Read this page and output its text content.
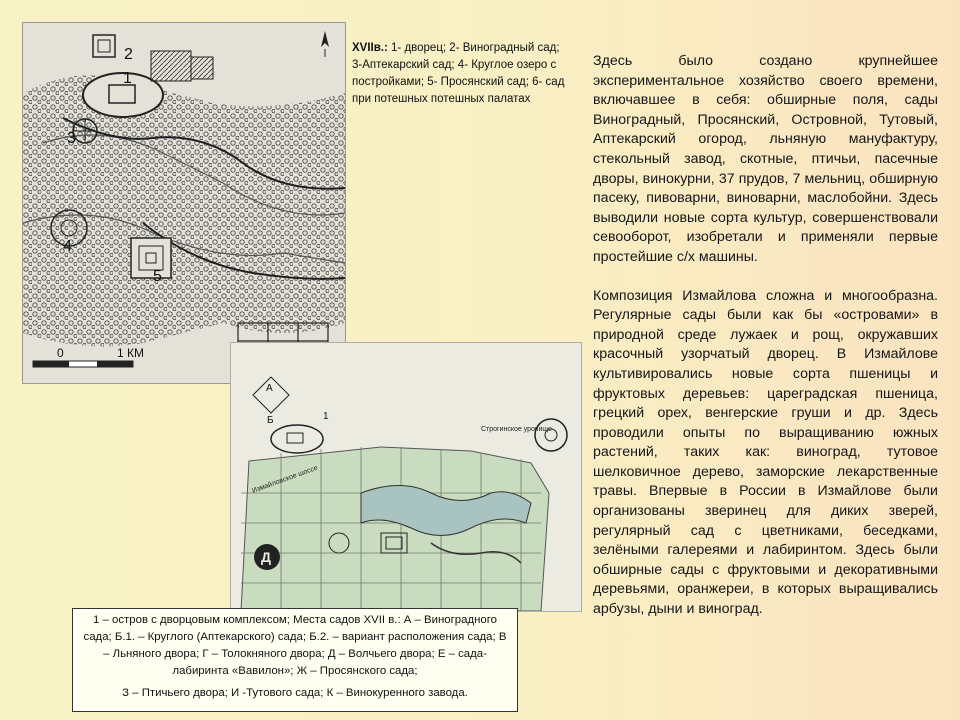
1
2
3
4
5
0	1 КМ
XVIIв.: 1- дворец; 2- Виноградный сад; 3-Аптекарский сад; 4- Круглое озеро с постройками; 5- Просянский сад; 6- сад при потешных потешных палатах
А
Б
Д
1
Измайловское шоссе
Строгинское урочище

Здесь было создано крупнейшее экспериментальное хозяйство своего времени, включавшее в себя: обширные поля, сады Виноградный, Просянский, Островной, Тутовый, Аптекарский огород, льняную мануфактуру, стекольный завод, скотные, птичьи, пасечные дворы, винокурни, 37 прудов, 7 мельниц, обширную пасеку, пивоварни, виноварни, маслобойни. Здесь выводили новые сорта культур, совершенствовали севооборот, изобретали и применяли первые простейшие с/х машины.

Композиция Измайлова сложна и многообразна. Регулярные сады были как бы «островами» в природной среде лужаек и рощ, окружавших красочный узорчатый дворец. В Измайлове культивировались новые сорта пшеницы и фруктовых деревьев: царегpадская пшеница, грецкий орех, венгерские груши и др. Здесь проводили опыты по выращиванию южных растений, таких как: виноград, тутовое шелковичное дерево, заморские лекарственные травы. Впервые в России в Измайлове были организованы зверинец для диких зверей, регулярный сад с цветниками, беседками, зелёными галереями и лабиринтом. Здесь были обширные сады с фруктовыми и декоративными деревьями, оранжереи, в которых выращивались арбузы, дыни и виноград.

1 – остров с дворцовым комплексом; Места садов XVII в.: А – Виноградного сада; Б.1. – Круглого (Аптекарского) сада; Б.2. – вариант расположения сада; В – Льняного двора; Г – Толокняного двора; Д – Волчьего двора; Е – сада-лабиринта «Вавилон»; Ж – Просянского сада;

З – Птичьего двора; И -Тутового сада; К – Винокуренного завода.
